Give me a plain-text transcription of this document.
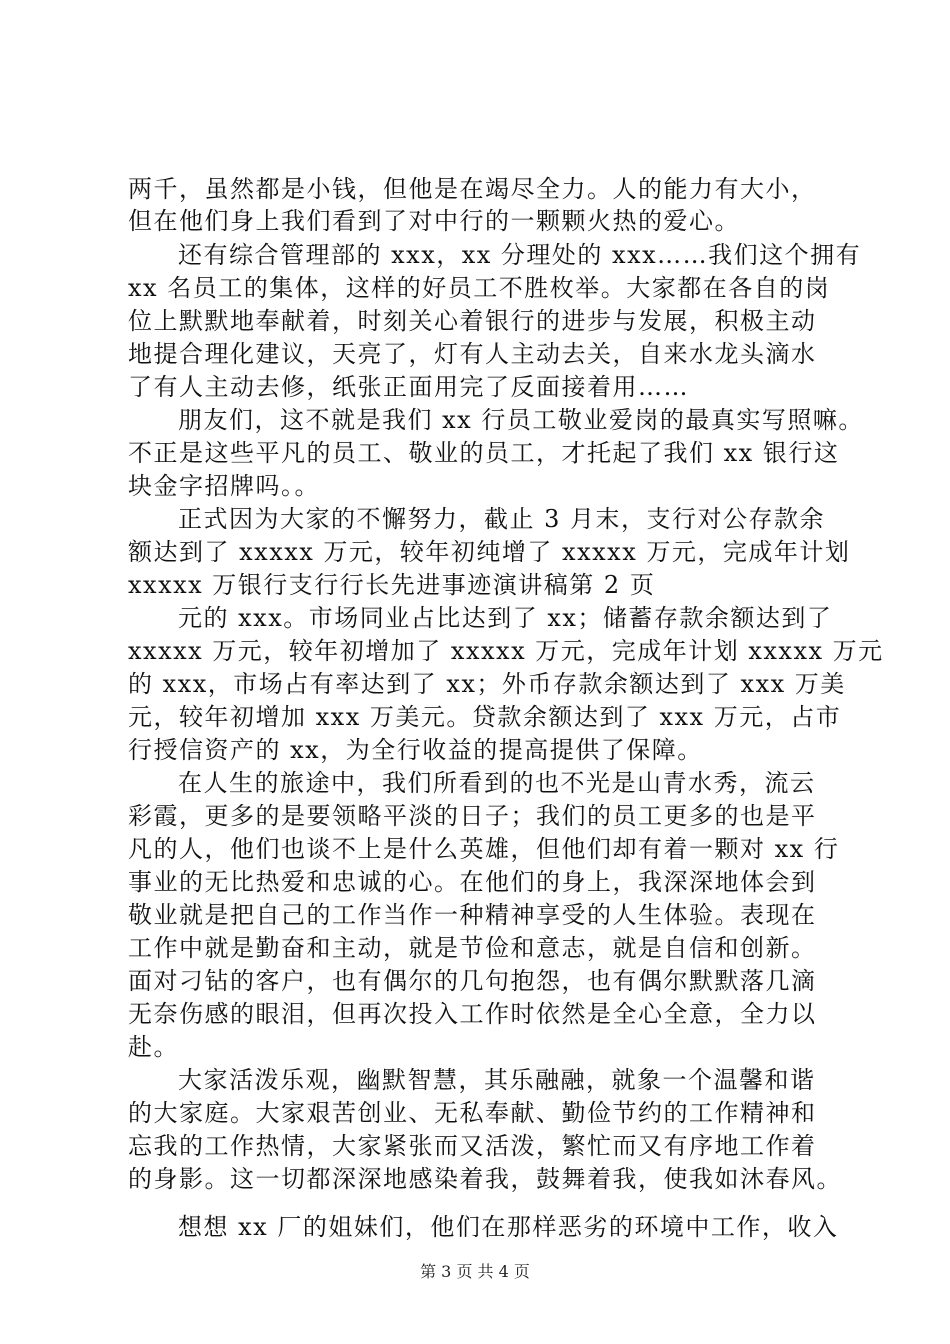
两千，虽然都是小钱，但他是在竭尽全力。人的能力有大小，
但在他们身上我们看到了对中行的一颗颗火热的爱心。
还有综合管理部的 xxx，xx 分理处的 xxx……我们这个拥有
xx 名员工的集体，这样的好员工不胜枚举。大家都在各自的岗
位上默默地奉献着，时刻关心着银行的进步与发展，积极主动
地提合理化建议，天亮了，灯有人主动去关，自来水龙头滴水
了有人主动去修，纸张正面用完了反面接着用……
朋友们，这不就是我们 xx 行员工敬业爱岗的最真实写照嘛。
不正是这些平凡的员工、敬业的员工，才托起了我们 xx 银行这
块金字招牌吗。。
正式因为大家的不懈努力，截止 3 月末，支行对公存款余
额达到了 xxxxx 万元，较年初纯增了 xxxxx 万元，完成年计划
xxxxx 万银行支行行长先进事迹演讲稿第 2 页
元的 xxx。市场同业占比达到了 xx；储蓄存款余额达到了
xxxxx 万元，较年初增加了 xxxxx 万元，完成年计划 xxxxx 万元
的 xxx，市场占有率达到了 xx；外币存款余额达到了 xxx 万美
元，较年初增加 xxx 万美元。贷款余额达到了 xxx 万元，占市
行授信资产的 xx，为全行收益的提高提供了保障。
在人生的旅途中，我们所看到的也不光是山青水秀，流云
彩霞，更多的是要领略平淡的日子；我们的员工更多的也是平
凡的人，他们也谈不上是什么英雄，但他们却有着一颗对 xx 行
事业的无比热爱和忠诚的心。在他们的身上，我深深地体会到
敬业就是把自己的工作当作一种精神享受的人生体验。表现在
工作中就是勤奋和主动，就是节俭和意志，就是自信和创新。
面对刁钻的客户，也有偶尔的几句抱怨，也有偶尔默默落几滴
无奈伤感的眼泪，但再次投入工作时依然是全心全意，全力以
赴。
大家活泼乐观，幽默智慧，其乐融融，就象一个温馨和谐
的大家庭。大家艰苦创业、无私奉献、勤俭节约的工作精神和
忘我的工作热情，大家紧张而又活泼，繁忙而又有序地工作着
的身影。这一切都深深地感染着我，鼓舞着我，使我如沐春风。
想想 xx 厂的姐妹们，他们在那样恶劣的环境中工作，收入
第 3 页 共 4 页
